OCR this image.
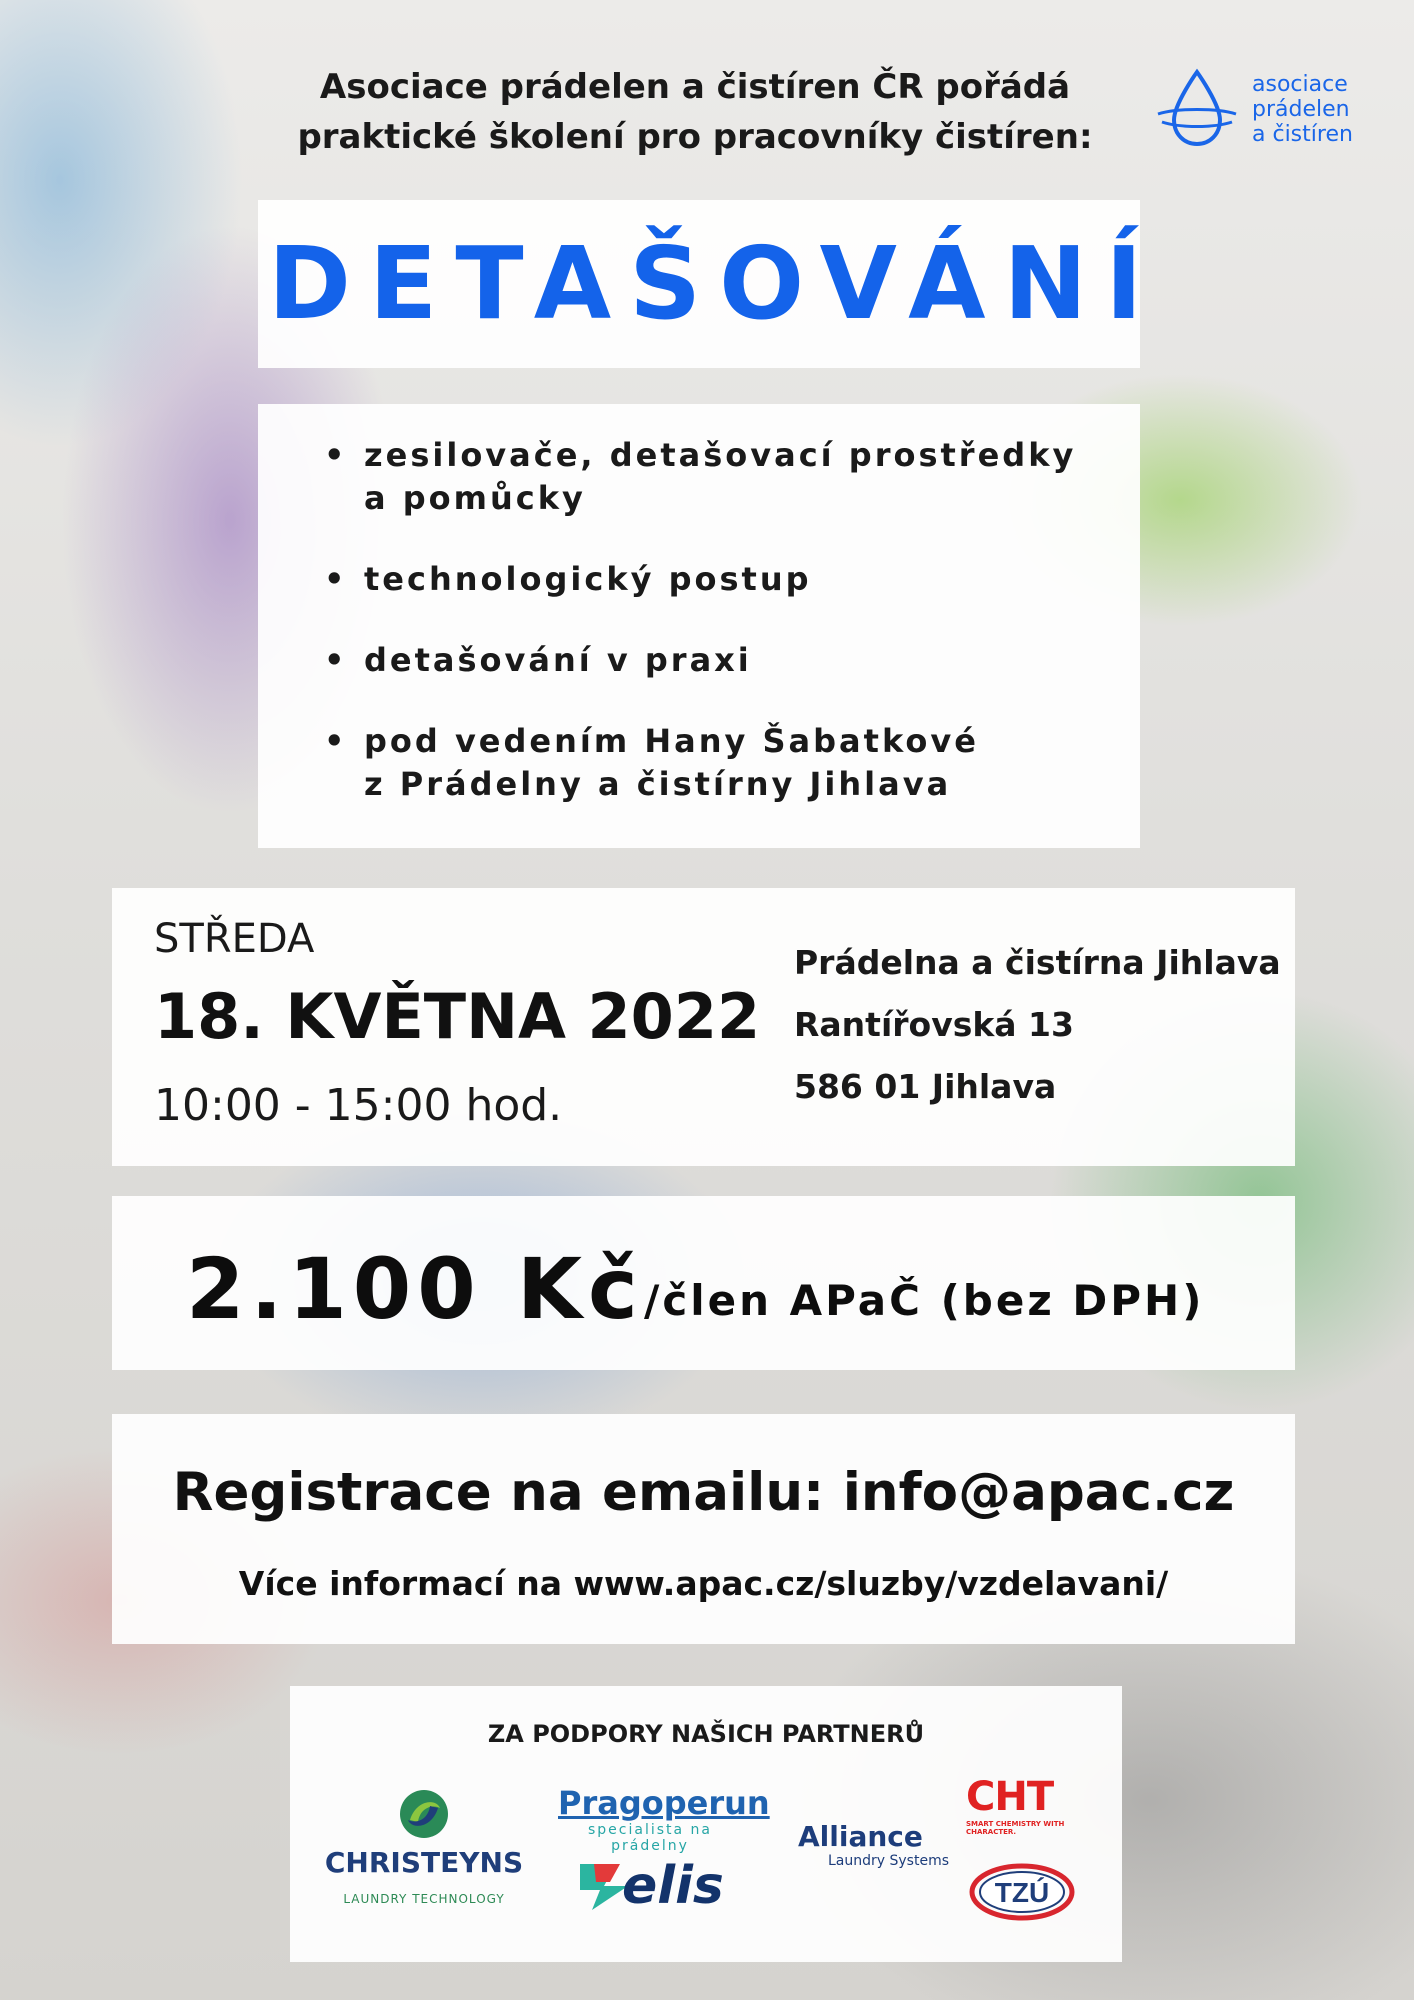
Asociace prádelen a čistíren ČR pořádá
praktické školení pro pracovníky čistíren:
asociace
prádelen
a čistíren
DETAŠOVÁNÍ
• zesilovače, detašovací prostředky
a pomůcky
• technologický postup
• detašování v praxi
• pod vedením Hany Šabatkové
z Prádelny a čistírny Jihlava
STŘEDA
18. KVĚTNA 2022
10:00 - 15:00 hod.
Prádelna a čistírna Jihlava
Rantířovská 13
586 01 Jihlava
2.100 Kč /člen APaČ (bez DPH)
Registrace na emailu: info@apac.cz
Více informací na www.apac.cz/sluzby/vzdelavani/
ZA PODPORY NAŠICH PARTNERŮ
CHRISTEYNS
LAUNDRY TECHNOLOGY
Pragoperun
specialista na prádelny
elis
Alliance
Laundry Systems
CHT
SMART CHEMISTRY WITH CHARACTER.
TZÚ
